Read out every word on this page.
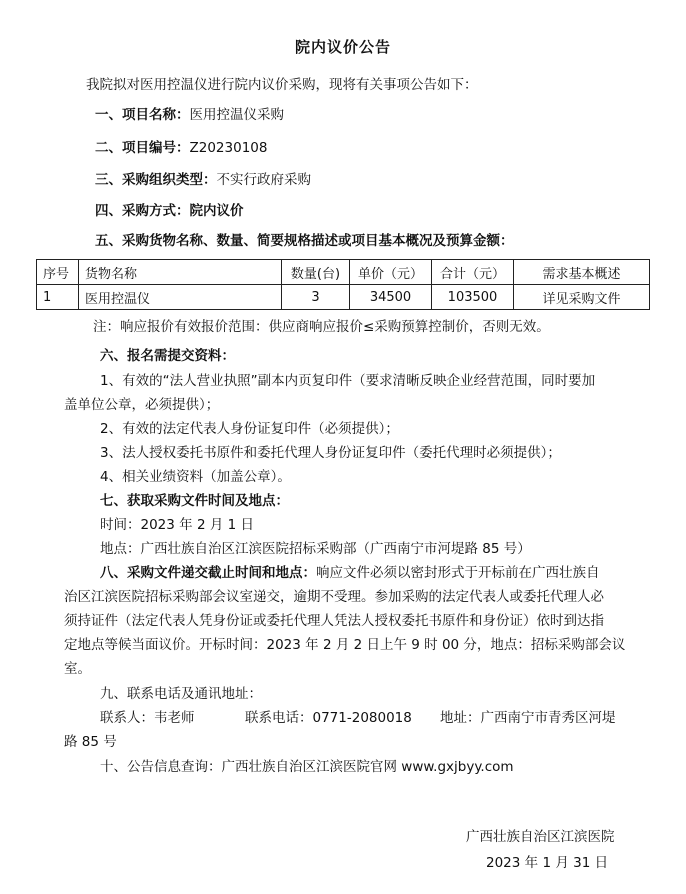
院内议价公告
我院拟对医用控温仪进行院内议价采购，现将有关事项公告如下：
一、项目名称：医用控温仪采购
二、项目编号：Z20230108
三、采购组织类型：不实行政府采购
四、采购方式：院内议价
五、采购货物名称、数量、简要规格描述或项目基本概况及预算金额：
序号	货物名称	数量(台)	单价（元）	合计（元）	需求基本概述
1	医用控温仪	3	34500	103500	详见采购文件
注：响应报价有效报价范围：供应商响应报价≤采购预算控制价，否则无效。
六、报名需提交资料：
1、有效的“法人营业执照”副本内页复印件（要求清晰反映企业经营范围，同时要加
盖单位公章，必须提供）；
2、有效的法定代表人身份证复印件（必须提供）；
3、法人授权委托书原件和委托代理人身份证复印件（委托代理时必须提供）；
4、相关业绩资料（加盖公章）。
七、获取采购文件时间及地点：
时间：2023 年 2 月 1 日
地点：广西壮族自治区江滨医院招标采购部（广西南宁市河堤路 85 号）
八、采购文件递交截止时间和地点：响应文件必须以密封形式于开标前在广西壮族自
治区江滨医院招标采购部会议室递交，逾期不受理。参加采购的法定代表人或委托代理人必
须持证件（法定代表人凭身份证或委托代理人凭法人授权委托书原件和身份证）依时到达指
定地点等候当面议价。开标时间：2023 年 2 月 2 日上午 9 时 00 分，地点：招标采购部会议
室。
九、联系电话及通讯地址：
联系人：韦老师	联系电话：0771-2080018 地址：广西南宁市青秀区河堤
路 85 号
十、公告信息查询：广西壮族自治区江滨医院官网 www.gxjbyy.com
广西壮族自治区江滨医院
2023 年 1 月 31 日
